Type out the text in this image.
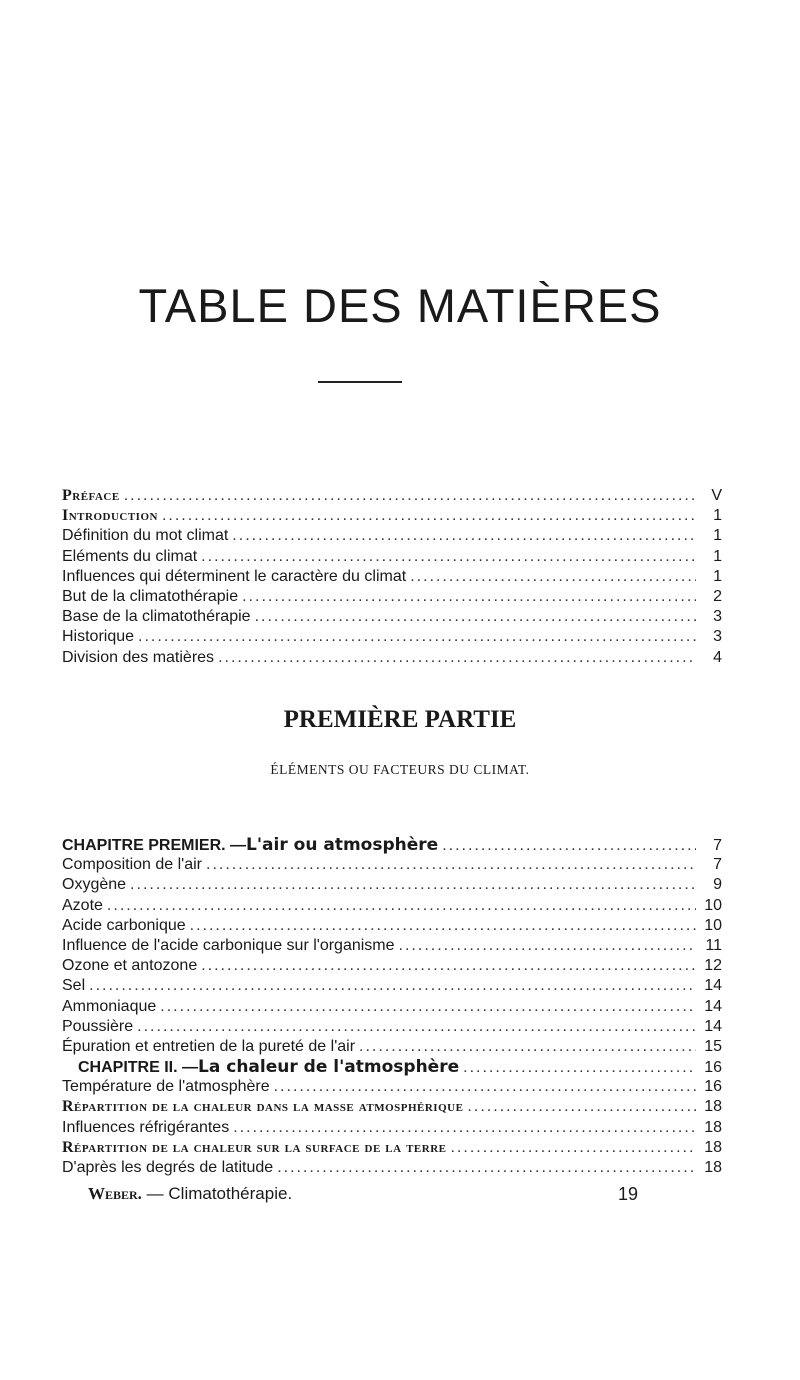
TABLE DES MATIÈRES
Préface .....	V
Introduction .....	1
Définition du mot climat .....	1
Eléments du climat .....	1
Influences qui déterminent le caractère du climat .....	1
But de la climatothérapie .....	2
Base de la climatothérapie .....	3
Historique .....	3
Division des matières .....	4
PREMIÈRE PARTIE
ÉLÉMENTS OU FACTEURS DU CLIMAT.
CHAPITRE PREMIER. — L'air ou atmosphère .....	7
Composition de l'air .....	7
Oxygène .....	9
Azote .....	10
Acide carbonique .....	10
Influence de l'acide carbonique sur l'organisme .....	11
Ozone et antozone .....	12
Sel .....	14
Ammoniaque .....	14
Poussière .....	14
Épuration et entretien de la pureté de l'air .....	15
CHAPITRE II. — La chaleur de l'atmosphère .....	16
Température de l'atmosphère .....	16
Répartition de la chaleur dans la masse atmosphérique .....	18
Influences réfrigérantes .....	18
Répartition de la chaleur sur la surface de la terre .....	18
D'après les degrés de latitude .....	18
Weber. — Climatothérapie.	19
